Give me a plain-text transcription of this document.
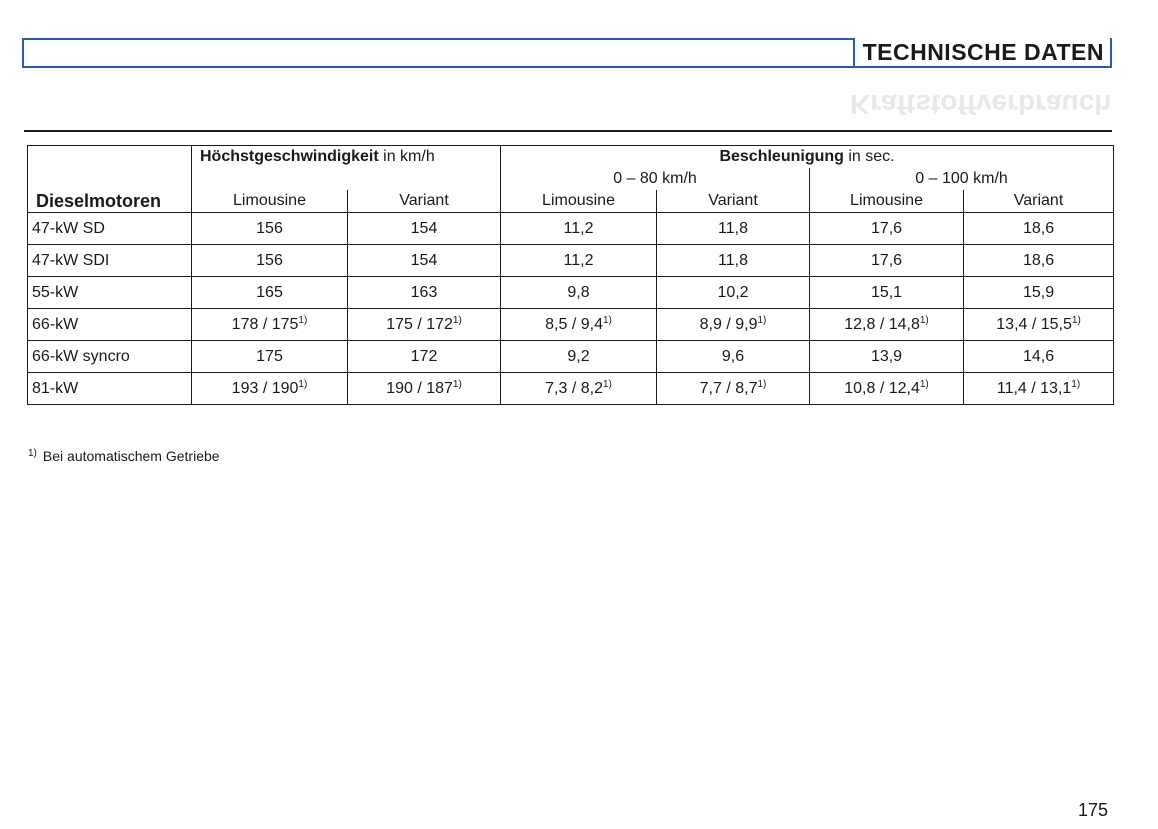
TECHNISCHE DATEN
Kraftstoffverbrauch
	Höchstgeschwindigkeit in km/h		Beschleunigung in sec.			
			0 – 80 km/h		0 – 100 km/h	
Dieselmotoren	Limousine	Variant	Limousine	Variant	Limousine	Variant
47-kW SD	156	154	11,2	11,8	17,6	18,6
47-kW SDI	156	154	11,2	11,8	17,6	18,6
55-kW	165	163	9,8	10,2	15,1	15,9
66-kW	178 / 175$^{1)}$	175 / 172$^{1)}$	8,5 / 9,4$^{1)}$	8,9 / 9,9$^{1)}$	12,8 / 14,8$^{1)}$	13,4 / 15,5$^{1)}$
66-kW syncro	175	172	9,2	9,6	13,9	14,6
81-kW	193 / 190$^{1)}$	190 / 187$^{1)}$	7,3 / 8,2$^{1)}$	7,7 / 8,7$^{1)}$	10,8 / 12,4$^{1)}$	11,4 / 13,1$^{1)}$
$^{1)}$ Bei automatischem Getriebe
175
